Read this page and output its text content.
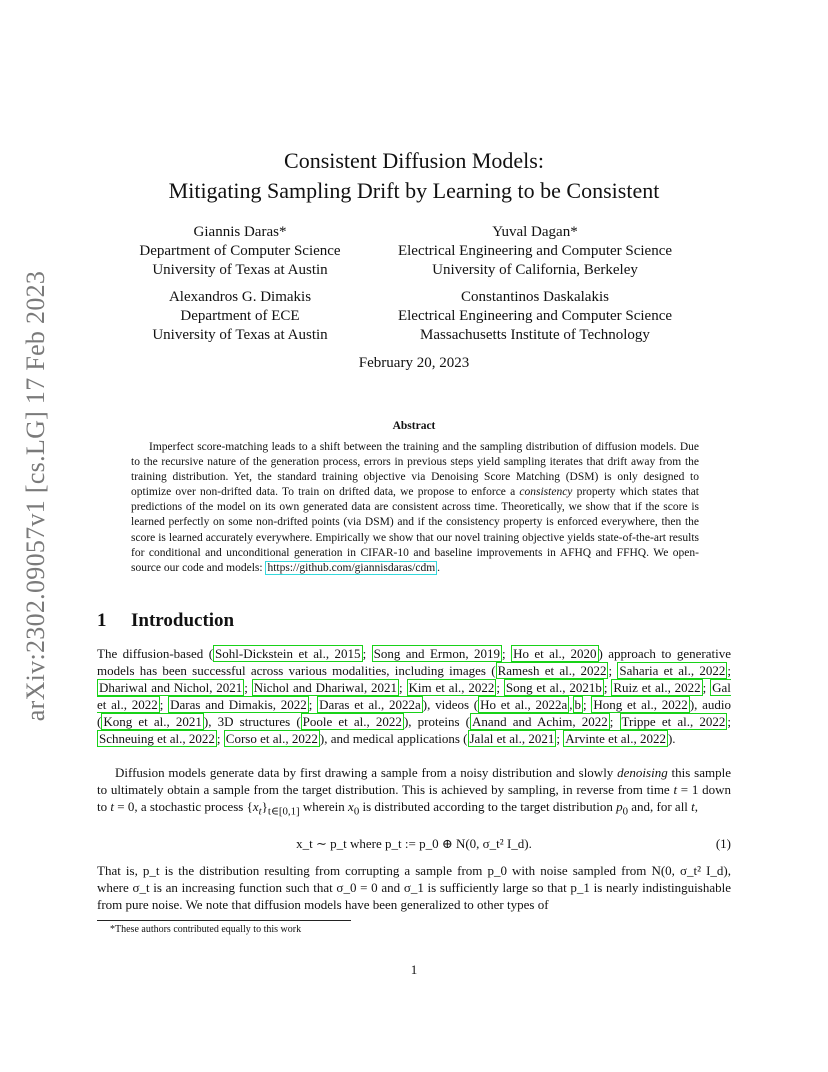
arXiv:2302.09057v1 [cs.LG] 17 Feb 2023
Consistent Diffusion Models:
Mitigating Sampling Drift by Learning to be Consistent
Giannis Daras*
Department of Computer Science
University of Texas at Austin
Yuval Dagan*
Electrical Engineering and Computer Science
University of California, Berkeley
Alexandros G. Dimakis
Department of ECE
University of Texas at Austin
Constantinos Daskalakis
Electrical Engineering and Computer Science
Massachusetts Institute of Technology
February 20, 2023
Abstract

Imperfect score-matching leads to a shift between the training and the sampling distribution of diffusion models. Due to the recursive nature of the generation process, errors in previous steps yield sampling iterates that drift away from the training distribution. Yet, the standard training objective via Denoising Score Matching (DSM) is only designed to optimize over non-drifted data. To train on drifted data, we propose to enforce a consistency property which states that predictions of the model on its own generated data are consistent across time. Theoretically, we show that if the score is learned perfectly on some non-drifted points (via DSM) and if the consistency property is enforced everywhere, then the score is learned accurately everywhere. Empirically we show that our novel training objective yields state-of-the-art results for conditional and unconditional generation in CIFAR-10 and baseline improvements in AFHQ and FFHQ. We open-source our code and models: https://github.com/giannisdaras/cdm .

1 Introduction

The diffusion-based ( Sohl-Dickstein et al., 2015 ; Song and Ermon, 2019 ; Ho et al., 2020 ) approach to generative models has been successful across various modalities, including images ( Ramesh et al., 2022 ; Saharia et al., 2022 ; Dhariwal and Nichol, 2021 ; Nichol and Dhariwal, 2021 ; Kim et al., 2022 ; Song et al., 2021b ; Ruiz et al., 2022 ; Gal et al., 2022 ; Daras and Dimakis, 2022 ; Daras et al., 2022a ), videos ( Ho et al., 2022a , b ; Hong et al., 2022 ), audio ( Kong et al., 2021 ), 3D structures ( Poole et al., 2022 ), proteins ( Anand and Achim, 2022 ; Trippe et al., 2022 ; Schneuing et al., 2022 ; Corso et al., 2022 ), and medical applications ( Jalal et al., 2021 ; Arvinte et al., 2022 ).

Diffusion models generate data by first drawing a sample from a noisy distribution and slowly denoising this sample to ultimately obtain a sample from the target distribution. This is achieved by sampling, in reverse from time t = 1 down to t = 0, a stochastic process $\{x_t\}_{t\in[0,1]}$ wherein $x_0$ is distributed according to the target distribution $p_0$ and, for all t,

x_t ∼ p_t where p_t := p_0 ⊕ N(0, σ_t² I_d).	(1)

That is, p_t is the distribution resulting from corrupting a sample from p_0 with noise sampled from N(0, σ_t² I_d), where σ_t is an increasing function such that σ_0 = 0 and σ_1 is sufficiently large so that p_1 is nearly indistinguishable from pure noise. We note that diffusion models have been generalized to other types of

*These authors contributed equally to this work
1
